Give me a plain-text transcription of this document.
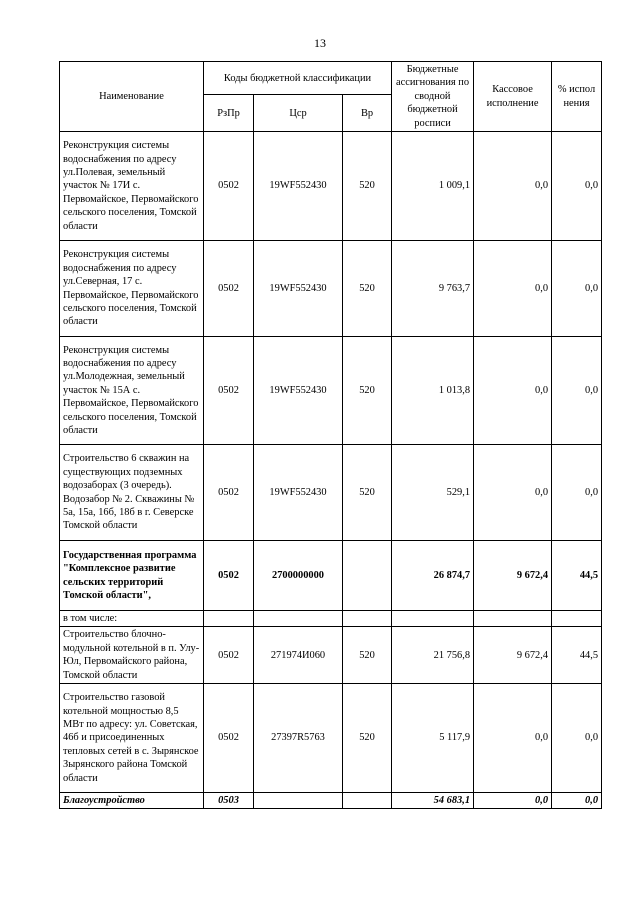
13
Наименование	Коды бюджетной классификации			Бюджетные ассигнования по сводной бюджетной росписи	Кассовое исполнение	% испол нения
	РзПр	Цср	Вр			
Реконструкция системы водоснабжения по адресу ул.Полевая, земельный участок № 17И с. Первомайское, Первомайского сельского поселения, Томской области	0502	19WF552430	520	1 009,1	0,0	0,0
Реконструкция системы водоснабжения по адресу ул.Северная, 17 с. Первомайское, Первомайского сельского поселения, Томской области	0502	19WF552430	520	9 763,7	0,0	0,0
Реконструкция системы водоснабжения по адресу ул.Молодежная, земельный участок № 15А с. Первомайское, Первомайского сельского поселения, Томской области	0502	19WF552430	520	1 013,8	0,0	0,0
Строительство 6 скважин на существующих подземных водозаборах (3 очередь). Водозабор № 2. Скважины № 5а, 15а, 16б, 18б в г. Северске Томской области	0502	19WF552430	520	529,1	0,0	0,0
Государственная программа "Комплексное развитие сельских территорий Томской области",	0502	2700000000		26 874,7	9 672,4	44,5
в том числе:						
Строительство блочно-модульной котельной в п. Улу-Юл, Первомайского района, Томской области	0502	271974И060	520	21 756,8	9 672,4	44,5
Строительство газовой котельной мощностью 8,5 МВт по адресу: ул. Советская, 46б и присоединенных тепловых сетей в с. Зырянское Зырянского района Томской области	0502	27397R5763	520	5 117,9	0,0	0,0
Благоустройство	0503			54 683,1	0,0	0,0
